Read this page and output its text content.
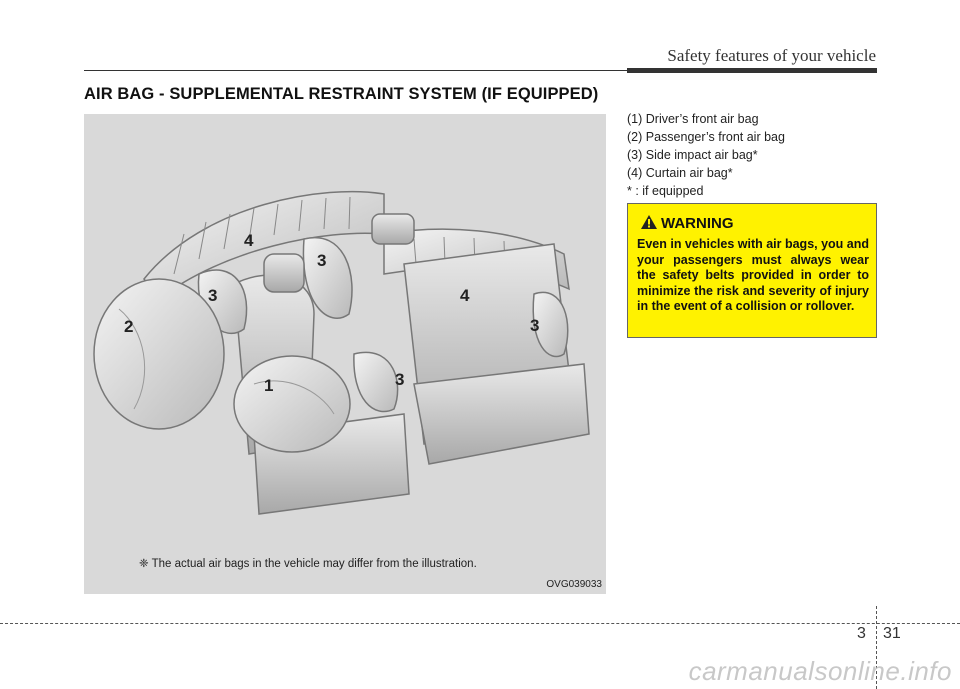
Safety features of your vehicle
AIR BAG - SUPPLEMENTAL RESTRAINT SYSTEM (IF EQUIPPED)
4
3
3
2
4
3
1	3
❈ The actual air bags in the vehicle may differ from the illustration.
OVG039033
(1) Driver’s front air bag
(2) Passenger’s front air bag
(3) Side impact air bag*
(4) Curtain air bag*
* : if equipped
WARNING
Even in vehicles with air bags, you and your passengers must always wear the safety belts provided in order to minimize the risk and severity of injury in the event of a collision or rollover.
3 31
carmanualsonline.info
